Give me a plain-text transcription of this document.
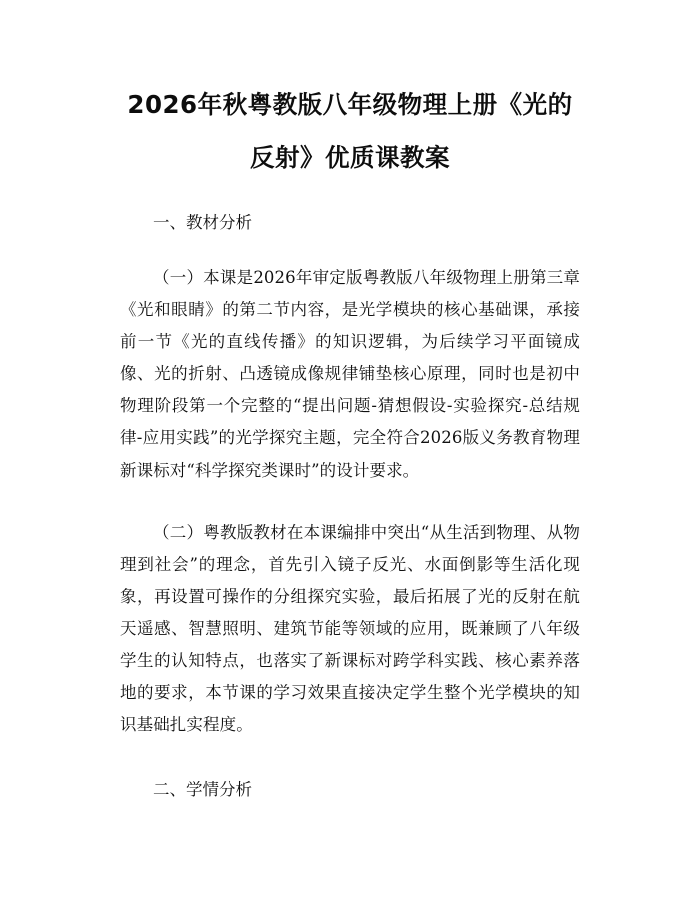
2026年秋粤教版八年级物理上册《光的反射》优质课教案

一、教材分析

（一）本课是2026年审定版粤教版八年级物理上册第三章《光和眼睛》的第二节内容，是光学模块的核心基础课，承接前一节《光的直线传播》的知识逻辑，为后续学习平面镜成像、光的折射、凸透镜成像规律铺垫核心原理，同时也是初中物理阶段第一个完整的“提出问题-猜想假设-实验探究-总结规律-应用实践”的光学探究主题，完全符合2026版义务教育物理新课标对“科学探究类课时”的设计要求。

（二）粤教版教材在本课编排中突出“从生活到物理、从物理到社会”的理念，首先引入镜子反光、水面倒影等生活化现象，再设置可操作的分组探究实验，最后拓展了光的反射在航天遥感、智慧照明、建筑节能等领域的应用，既兼顾了八年级学生的认知特点，也落实了新课标对跨学科实践、核心素养落地的要求，本节课的学习效果直接决定学生整个光学模块的知识基础扎实程度。

二、学情分析
